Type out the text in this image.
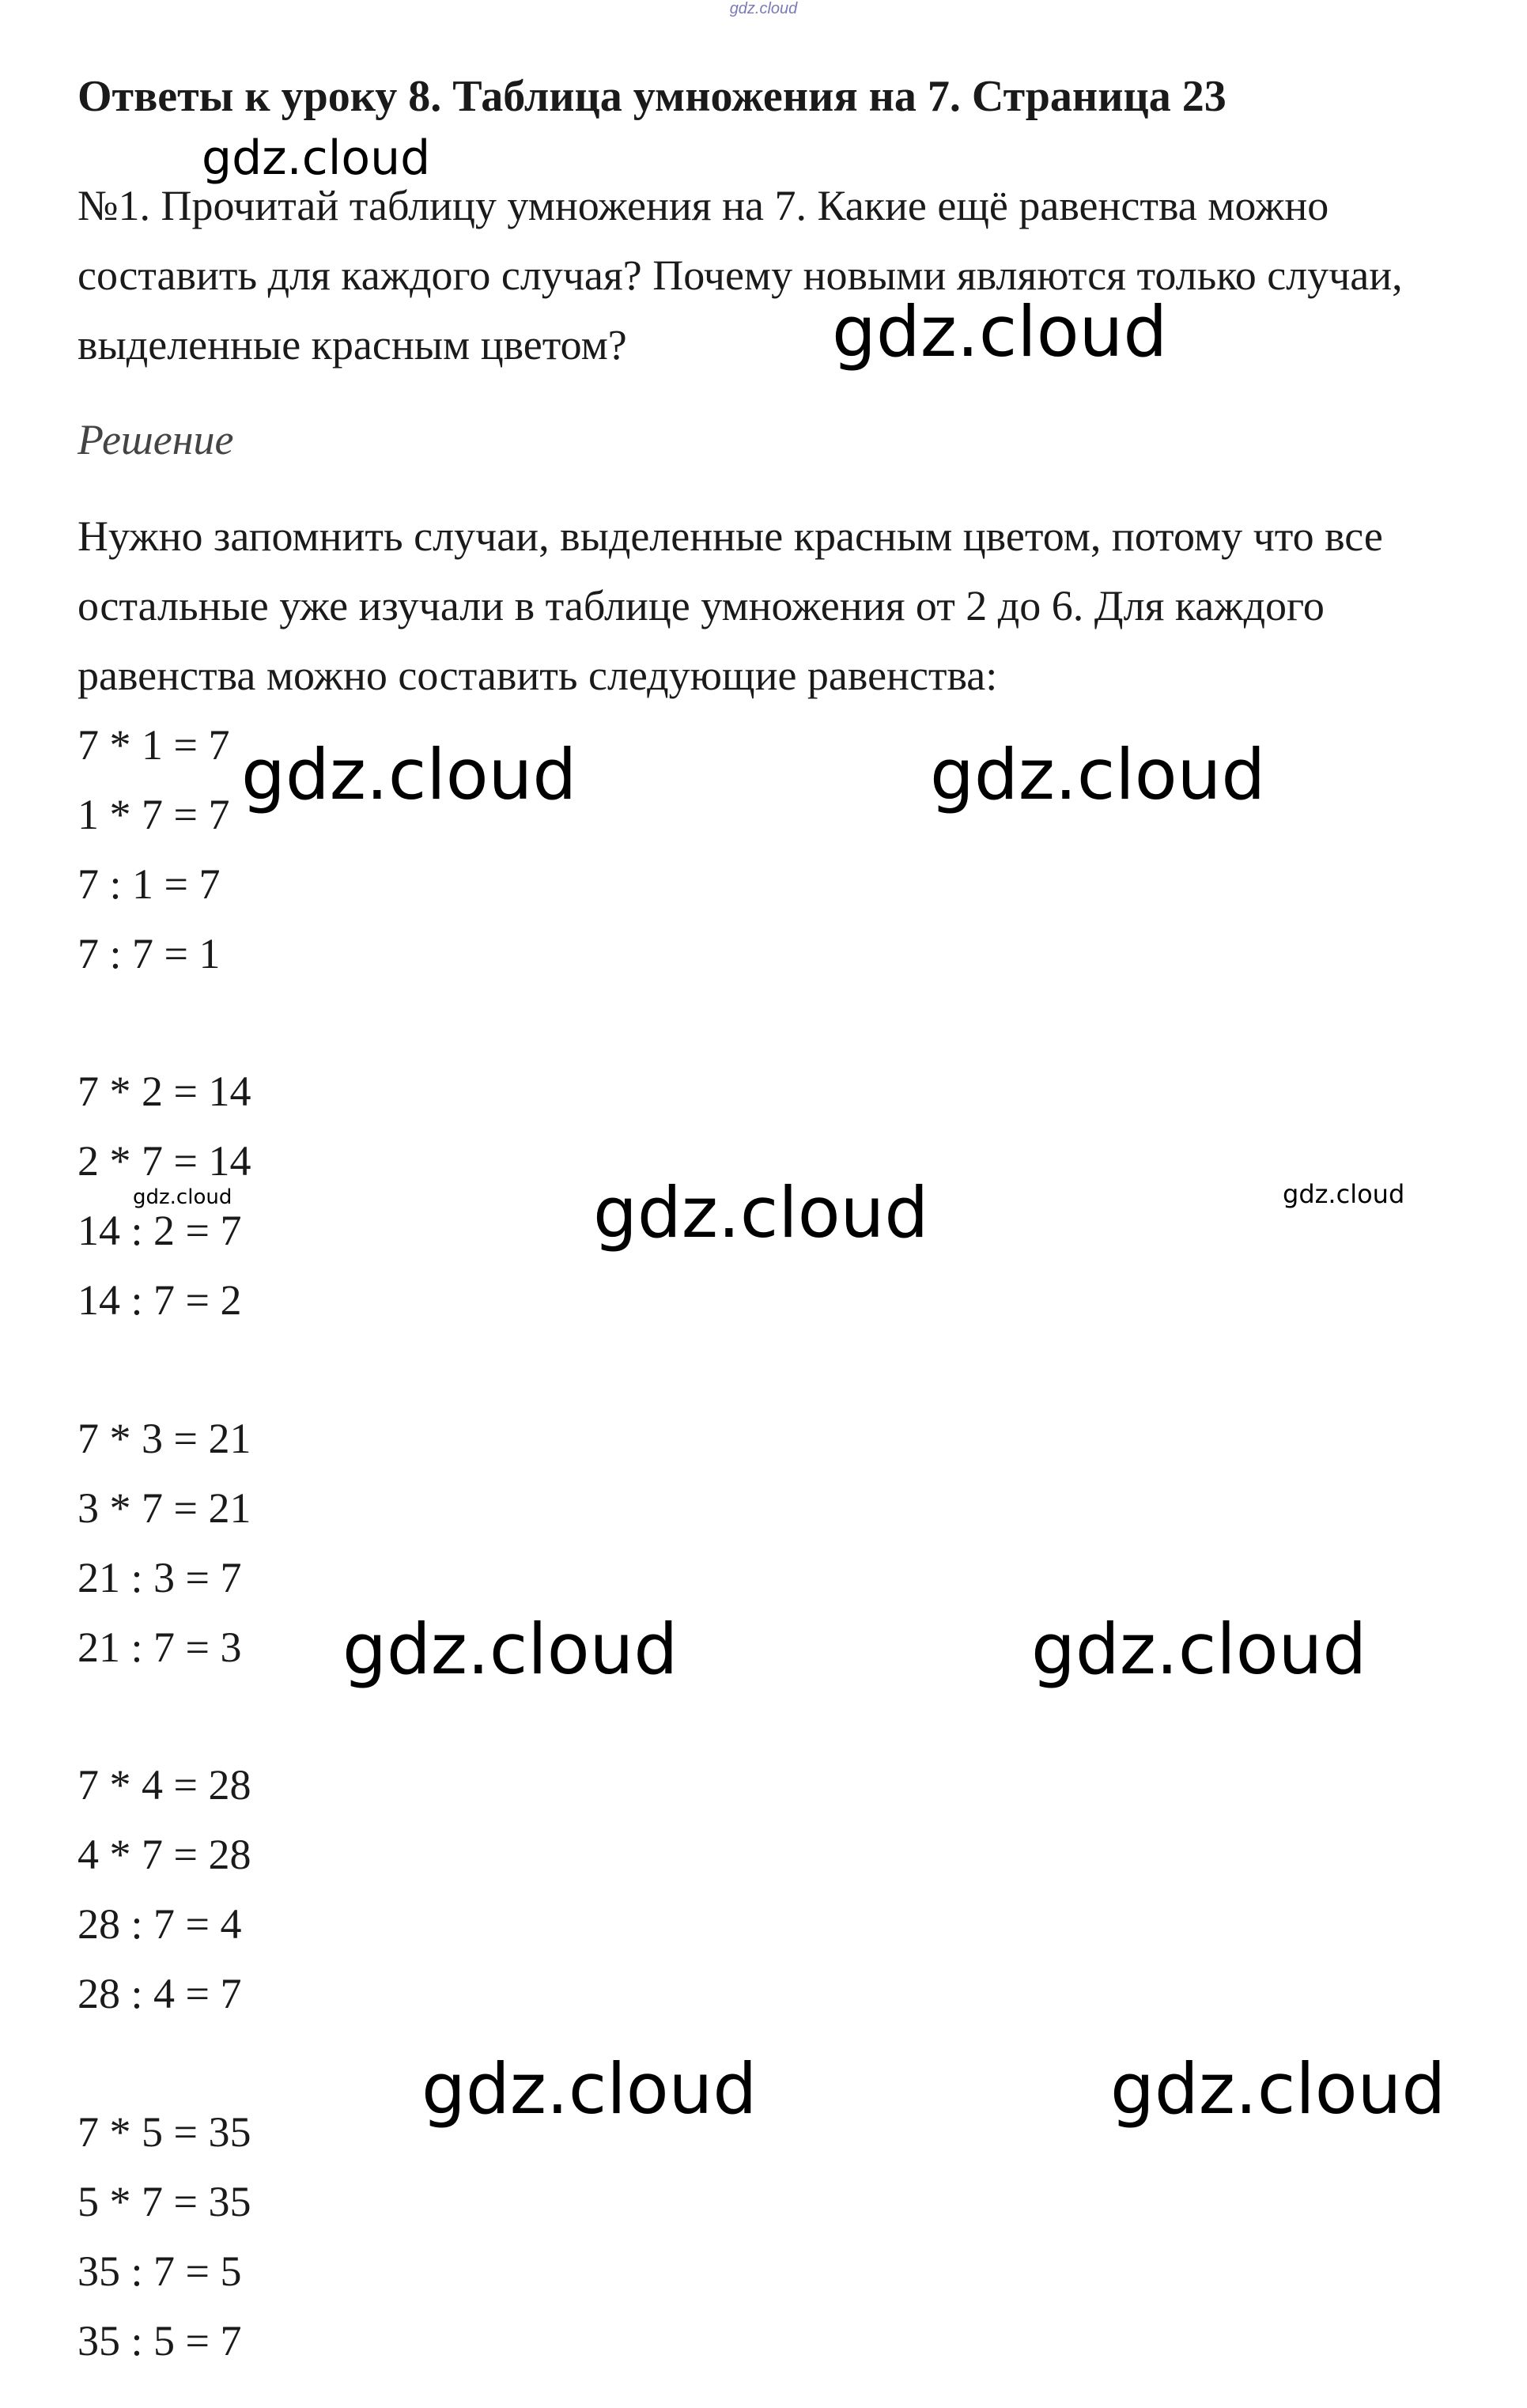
gdz.cloud
Ответы к уроку 8. Таблица умножения на 7. Страница 23

№1. Прочитай таблицу умножения на 7. Какие ещё равенства можно составить для каждого случая? Почему новыми являются только случаи, выделенные красным цветом?

Решение

Нужно запомнить случаи, выделенные красным цветом, потому что все остальные уже изучали в таблице умножения от 2 до 6. Для каждого равенства можно составить следующие равенства:

7 * 1 = 7
1 * 7 = 7
7 : 1 = 7
7 : 7 = 1
7 * 2 = 14
2 * 7 = 14
14 : 2 = 7
14 : 7 = 2
7 * 3 = 21
3 * 7 = 21
21 : 3 = 7
21 : 7 = 3
7 * 4 = 28
4 * 7 = 28
28 : 7 = 4
28 : 4 = 7
7 * 5 = 35
5 * 7 = 35
35 : 7 = 5
35 : 5 = 7
gdz.cloud
gdz.cloud
gdz.cloud	gdz.cloud
gdz.cloud	gdz.cloud	gdz.cloud
gdz.cloud	gdz.cloud
gdz.cloud	gdz.cloud
